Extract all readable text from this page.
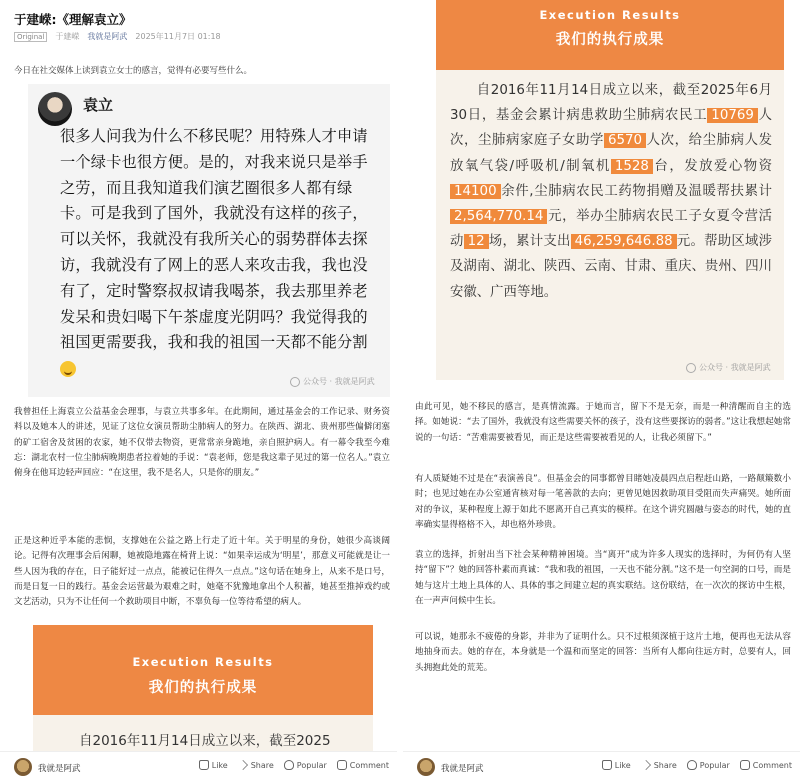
于建嵘:《理解袁立》
Original	于建嵘 我就是阿武 2025年11月7日 01:18
今日在社交媒体上读到袁立女士的感言，觉得有必要写些什么。
袁立
很多人问我为什么不移民呢？用特殊人才申请一个绿卡也很方便。是的，对我来说只是举手之劳，而且我知道我们演艺圈很多人都有绿卡。可是我到了国外，我就没有这样的孩子，可以关怀，我就没有我所关心的弱势群体去探访，我就没有了网上的恶人来攻击我，我也没有了，定时警察叔叔请我喝茶，我去那里养老发呆和贵妇喝下午茶虚度光阴吗？我觉得我的祖国更需要我，我和我的祖国一天都不能分割
公众号 · 我就是阿武
我曾担任上海袁立公益基金会理事，与袁立共事多年。在此期间，通过基金会的工作记录、财务资料以及她本人的讲述，见证了这位女演员帮助尘肺病人的努力。在陕西、湖北、贵州那些偏僻闭塞的矿工宿舍及贫困的农家，她不仅带去物资，更常常亲身跪地，亲自照护病人。有一幕令我至今难忘：湖北农村一位尘肺病晚期患者拉着她的手说：“袁老师，您是我这辈子见过的第一位名人。”袁立俯身在他耳边轻声回应：“在这里，我不是名人，只是你的朋友。”
正是这种近乎本能的悲悯，支撑她在公益之路上行走了近十年。关于明星的身份，她很少高谈阔论。记得有次理事会后闲聊，她被隐地露在椅背上说：“如果幸运成为‘明星’，那意义可能就是让一些人因为我的存在，日子能好过一点点，能被记住得久一点点。”这句话在她身上，从来不是口号，而是日复一日的践行。基金会运营最为艰难之时，她毫不犹豫地拿出个人积蓄，她甚至推掉戏约或文艺活动，只为不让任何一个救助项目中断，不辜负每一位等待希望的病人。
Execution Results
我们的执行成果
自2016年11月14日成立以来，截至2025
我就是阿武	Like	Share	Popular	Comment
Execution Results
我们的执行成果
自2016年11月14日成立以来，截至2025年6月30日，基金会累计病患救助尘肺病农民工 10769 人次，尘肺病家庭子女助学 6570 人次，给尘肺病人发放氧气袋/呼吸机/制氧机 1528 台，发放爱心物资14100 余件,尘肺病农民工药物捐赠及温暖帮扶累计2,564,770.14 元，举办尘肺病农民工子女夏令营活动 12 场，累计支出 46,259,646.88 元。帮助区域涉及湖南、湖北、陕西、云南、甘肃、重庆、贵州、四川安徽、广西等地。
公众号 · 我就是阿武
由此可见，她不移民的感言，是真情流露。于她而言，留下不是无奈，而是一种清醒而自主的选择。如她说：“去了国外，我就没有这些需要关怀的孩子，没有这些要探访的弱者。”这让我想起她常说的一句话：“苦难需要被看见，而正是这些需要被看见的人，让我必须留下。”
有人质疑她不过是在“表演善良”。但基金会的同事都曾目睹她凌晨四点启程赶山路，一路颠簸数小时；也见过她在办公室通宵核对每一笔善款的去向；更曾见她因救助项目受阻而失声痛哭。她所面对的争议，某种程度上源于如此不愿离开自己真实的模样。在这个讲究圆融与姿态的时代，她的直率确实显得格格不入，却也格外珍贵。
袁立的选择，折射出当下社会某种精神困境。当“离开”成为许多人现实的选择时，为何仍有人坚持“留下”？她的回答朴素而真诚：“我和我的祖国，一天也不能分割。”这不是一句空洞的口号，而是她与这片土地上具体的人、具体的事之间建立起的真实联结。这份联结，在一次次的探访中生根，在一声声问候中生长。
可以说，她那永不疲倦的身影，并非为了证明什么。只不过根须深植于这片土地，便再也无法从容地抽身而去。她的存在，本身就是一个温和而坚定的回答：当所有人都向往远方时，总要有人，回头拥抱此处的荒芜。
我就是阿武	Like	Share	Popular	Comment
